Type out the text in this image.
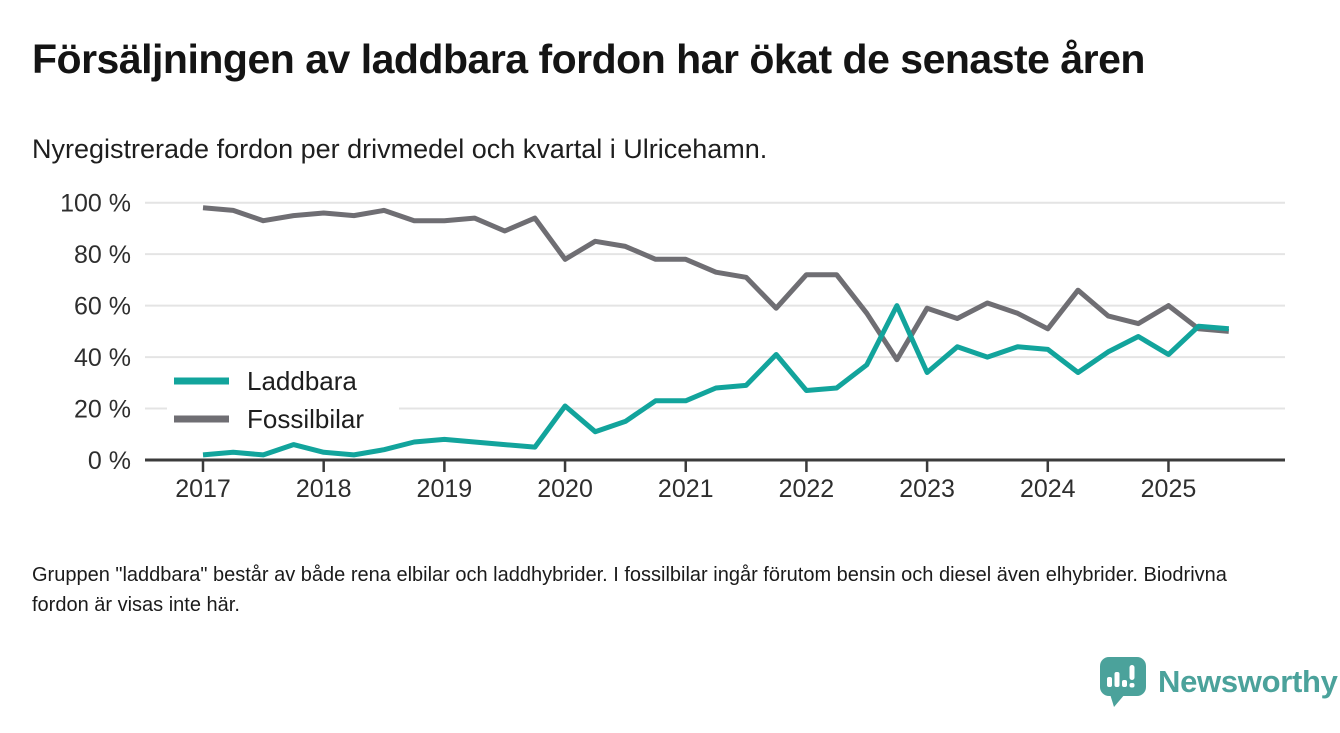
Försäljningen av laddbara fordon har ökat de senaste åren

Nyregistrerade fordon per drivmedel och kvartal i Ulricehamn.

100 %
80 %
60 %
40 %
20 %
0 %
2017	2018	2019	2020	2021	2022	2023	2024	2025
Laddbara
Fossilbilar

Gruppen "laddbara" består av både rena elbilar och laddhybrider. I fossilbilar ingår förutom bensin och diesel även elhybrider. Biodrivna fordon är visas inte här.

Newsworthy
